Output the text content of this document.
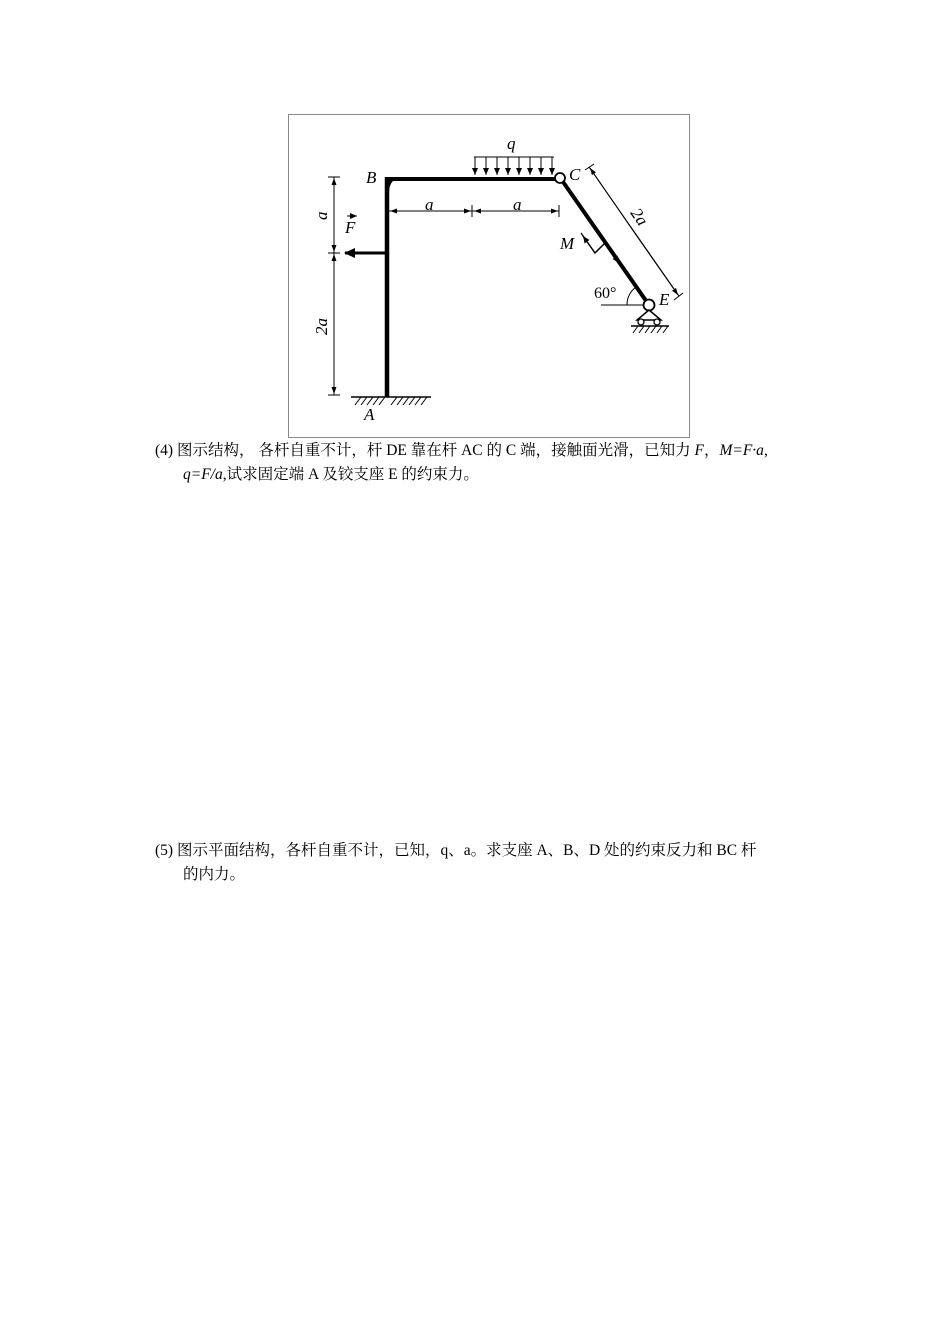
B
A
C
E
q
F
M
a	a
a
2a
2a
60°
(4) 图示结构， 各杆自重不计，杆 DE 靠在杆 AC 的 C 端，接触面光滑，已知力 F，M=F·a,
q=F/a,试求固定端 A 及铰支座 E 的约束力。
(5) 图示平面结构，各杆自重不计，已知，q、a。求支座 A、B、D 处的约束反力和 BC 杆
的内力。
